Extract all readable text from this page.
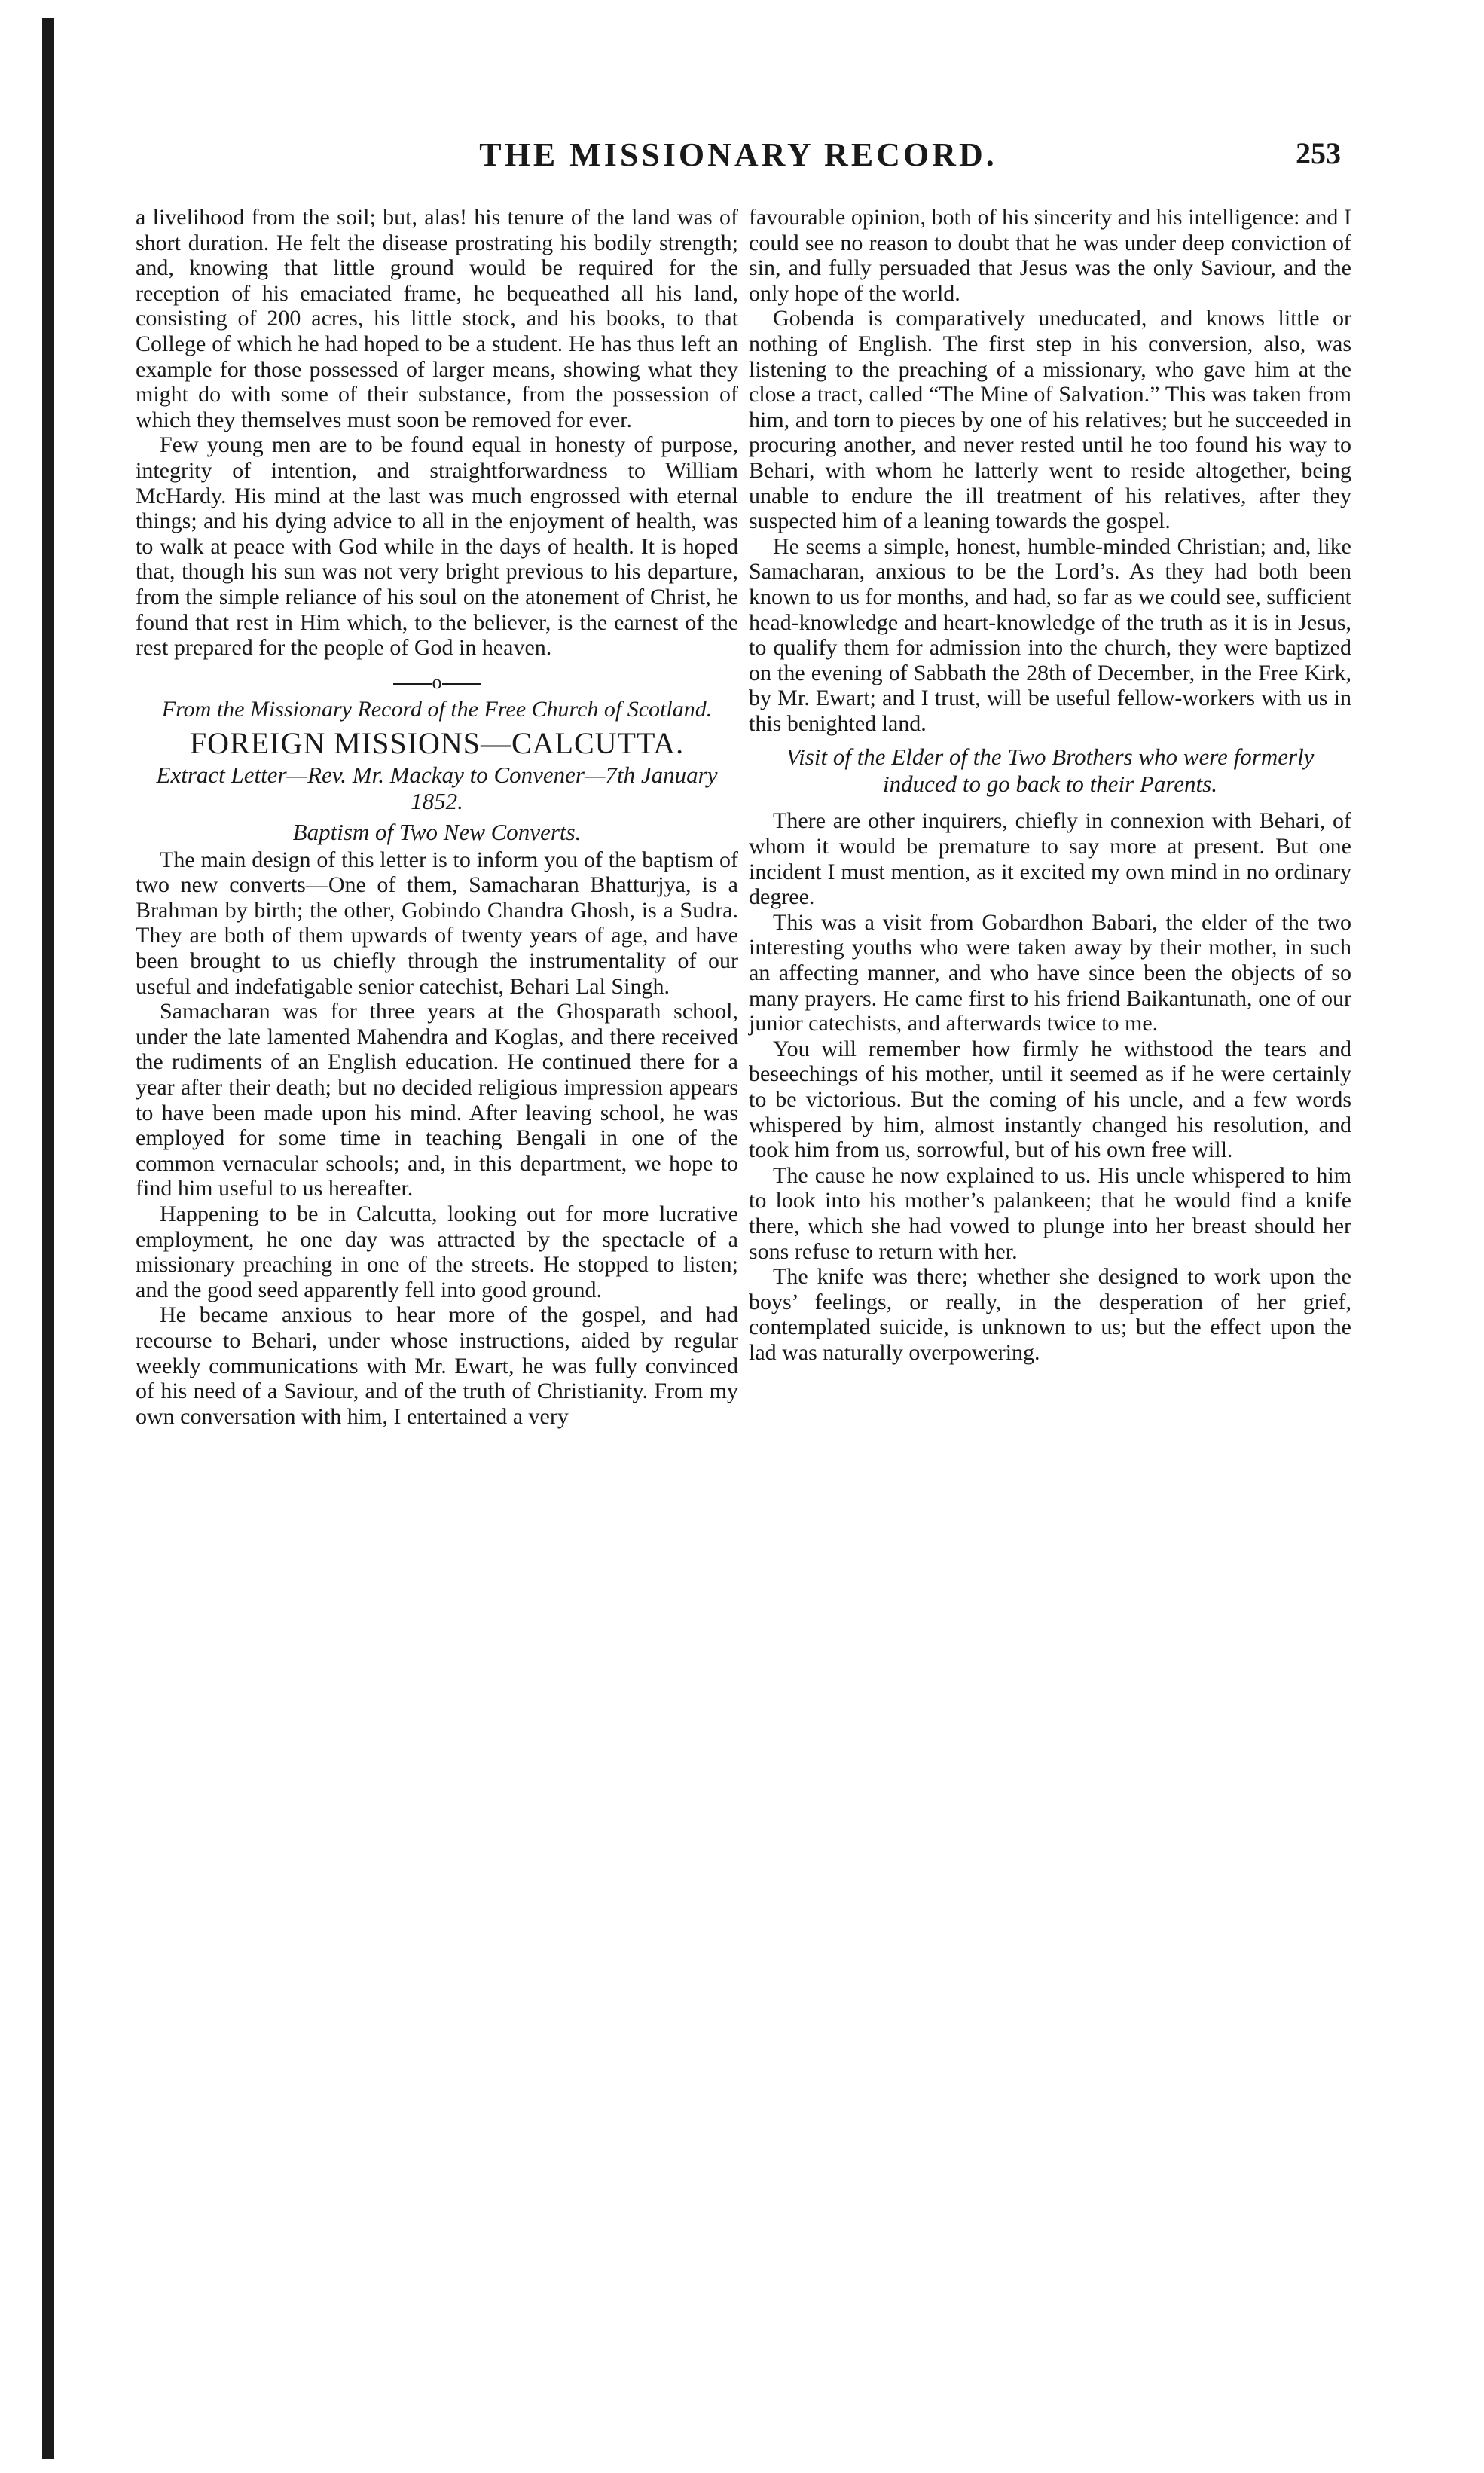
THE MISSIONARY RECORD.	253

a livelihood from the soil; but, alas! his tenure of the land was of short duration. He felt the disease prostrating his bodily strength; and, knowing that little ground would be required for the reception of his emaciated frame, he bequeathed all his land, consisting of 200 acres, his little stock, and his books, to that College of which he had hoped to be a student. He has thus left an example for those possessed of larger means, showing what they might do with some of their substance, from the possession of which they themselves must soon be removed for ever.

Few young men are to be found equal in honesty of purpose, integrity of intention, and straightforwardness to William McHardy. His mind at the last was much engrossed with eternal things; and his dying advice to all in the enjoyment of health, was to walk at peace with God while in the days of health. It is hoped that, though his sun was not very bright previous to his departure, from the simple reliance of his soul on the atonement of Christ, he found that rest in Him which, to the believer, is the earnest of the rest prepared for the people of God in heaven.

o
From the Missionary Record of the Free Church of Scotland.
FOREIGN MISSIONS—CALCUTTA.
Extract Letter—Rev. Mr. Mackay to Convener—7th January 1852.
Baptism of Two New Converts.

The main design of this letter is to inform you of the baptism of two new converts—One of them, Samacharan Bhatturjya, is a Brahman by birth; the other, Gobindo Chandra Ghosh, is a Sudra. They are both of them upwards of twenty years of age, and have been brought to us chiefly through the instrumentality of our useful and indefatigable senior catechist, Behari Lal Singh.

Samacharan was for three years at the Ghosparath school, under the late lamented Mahendra and Koglas, and there received the rudiments of an English education. He continued there for a year after their death; but no decided religious impression appears to have been made upon his mind. After leaving school, he was employed for some time in teaching Bengali in one of the common vernacular schools; and, in this department, we hope to find him useful to us hereafter.

Happening to be in Calcutta, looking out for more lucrative employment, he one day was attracted by the spectacle of a missionary preaching in one of the streets. He stopped to listen; and the good seed apparently fell into good ground.

He became anxious to hear more of the gospel, and had recourse to Behari, under whose instructions, aided by regular weekly communications with Mr. Ewart, he was fully convinced of his need of a Saviour, and of the truth of Christianity. From my own conversation with him, I entertained a very

favourable opinion, both of his sincerity and his intelligence: and I could see no reason to doubt that he was under deep conviction of sin, and fully persuaded that Jesus was the only Saviour, and the only hope of the world.

Gobenda is comparatively uneducated, and knows little or nothing of English. The first step in his conversion, also, was listening to the preaching of a missionary, who gave him at the close a tract, called “The Mine of Salvation.” This was taken from him, and torn to pieces by one of his relatives; but he succeeded in procuring another, and never rested until he too found his way to Behari, with whom he latterly went to reside altogether, being unable to endure the ill treatment of his relatives, after they suspected him of a leaning towards the gospel.

He seems a simple, honest, humble-minded Christian; and, like Samacharan, anxious to be the Lord’s. As they had both been known to us for months, and had, so far as we could see, sufficient head-knowledge and heart-knowledge of the truth as it is in Jesus, to qualify them for admission into the church, they were baptized on the evening of Sabbath the 28th of December, in the Free Kirk, by Mr. Ewart; and I trust, will be useful fellow-workers with us in this benighted land.

Visit of the Elder of the Two Brothers who were formerly induced to go back to their Parents.

There are other inquirers, chiefly in connexion with Behari, of whom it would be premature to say more at present. But one incident I must mention, as it excited my own mind in no ordinary degree.

This was a visit from Gobardhon Babari, the elder of the two interesting youths who were taken away by their mother, in such an affecting manner, and who have since been the objects of so many prayers. He came first to his friend Baikantunath, one of our junior catechists, and afterwards twice to me.

You will remember how firmly he withstood the tears and beseechings of his mother, until it seemed as if he were certainly to be victorious. But the coming of his uncle, and a few words whispered by him, almost instantly changed his resolution, and took him from us, sorrowful, but of his own free will.

The cause he now explained to us. His uncle whispered to him to look into his mother’s palankeen; that he would find a knife there, which she had vowed to plunge into her breast should her sons refuse to return with her.

The knife was there; whether she designed to work upon the boys’ feelings, or really, in the desperation of her grief, contemplated suicide, is unknown to us; but the effect upon the lad was naturally overpowering.
